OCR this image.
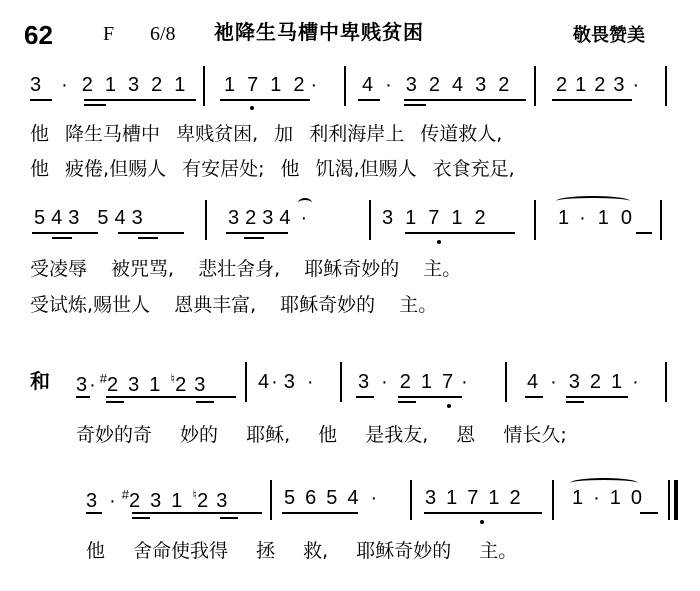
62	F 6/8 祂降生马槽中卑贱贫困	敬畏赞美
3 · 2 1 3 2 1 1 7 1 2 · 4 · 3 2 4 3 2 2 1 2 3 ·
他 降生马槽中 卑贱贫困, 加 利利海岸上 传道救人,
他 疲倦,但赐人 有安居处; 他 饥渴,但赐人 衣食充足,
5 4 3 5 4 3	3 2 3 4 ·	3 1 7 1 2	1 · 1 0
受凌辱 被咒骂, 悲壮舍身, 耶稣奇妙的 主。
受试炼,赐世人 恩典丰富, 耶稣奇妙的 主。
和 3 · #2 3 1 ♮2 3	4 · 3 · 3 · 2 1 7 ·	4 · 3 2 1 ·
奇妙的奇 妙的 耶稣, 他 是我友, 恩 情长久;
3 · #2 3 1 ♮2 3	5 6 5 4 · 3 1 7 1 2	1 · 1 0
他 舍命使我得 拯 救, 耶稣奇妙的 主。
